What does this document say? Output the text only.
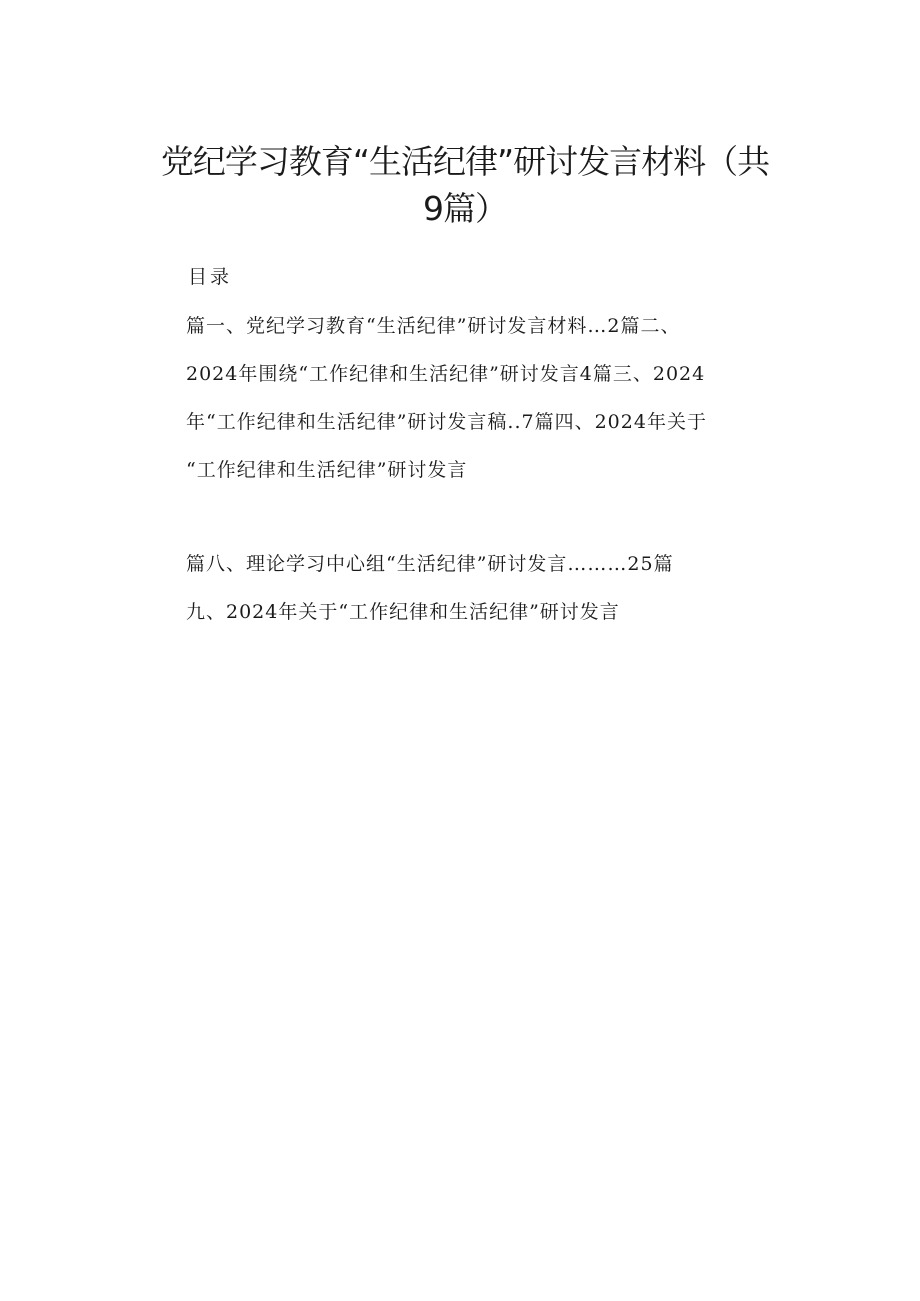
党纪学习教育“生活纪律”研讨发言材料（共
9篇）
目录
篇一、党纪学习教育“生活纪律”研讨发言材料…2篇二、
2024年围绕“工作纪律和生活纪律”研讨发言4篇三、2024
年“工作纪律和生活纪律”研讨发言稿..7篇四、2024年关于
“工作纪律和生活纪律”研讨发言
篇八、理论学习中心组“生活纪律”研讨发言………25篇
九、2024年关于“工作纪律和生活纪律”研讨发言
